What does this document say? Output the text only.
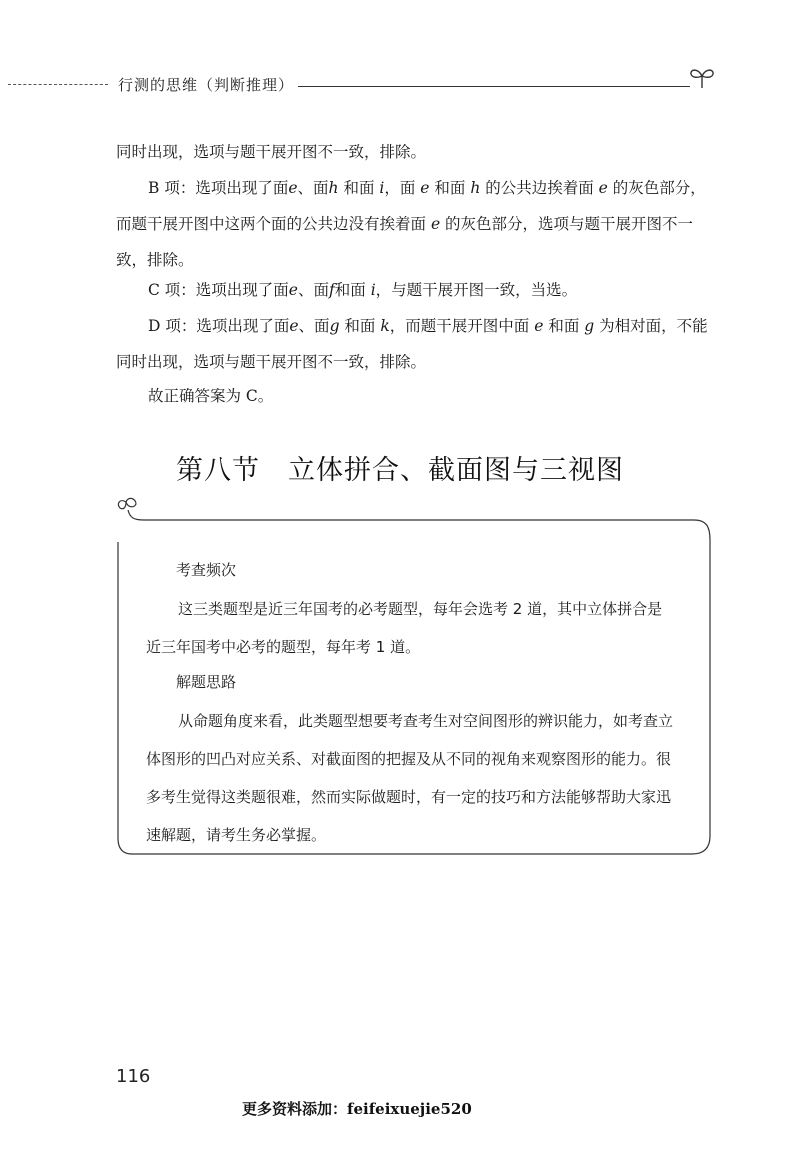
行测的思维（判断推理）

同时出现，选项与题干展开图不一致，排除。

B 项：选项出现了面e、面h 和面 i，面 e 和面 h 的公共边挨着面 e 的灰色部分，而题干展开图中这两个面的公共边没有挨着面 e 的灰色部分，选项与题干展开图不一致，排除。

C 项：选项出现了面e、面f和面 i，与题干展开图一致，当选。

D 项：选项出现了面e、面g 和面 k，而题干展开图中面 e 和面 g 为相对面，不能同时出现，选项与题干展开图不一致，排除。

故正确答案为 C。

第八节　立体拼合、截面图与三视图

考查频次

这三类题型是近三年国考的必考题型，每年会选考 2 道，其中立体拼合是近三年国考中必考的题型，每年考 1 道。

解题思路

从命题角度来看，此类题型想要考查考生对空间图形的辨识能力，如考查立体图形的凹凸对应关系、对截面图的把握及从不同的视角来观察图形的能力。很多考生觉得这类题很难，然而实际做题时，有一定的技巧和方法能够帮助大家迅速解题，请考生务必掌握。

116
更多资料添加：feifeixuejie520
